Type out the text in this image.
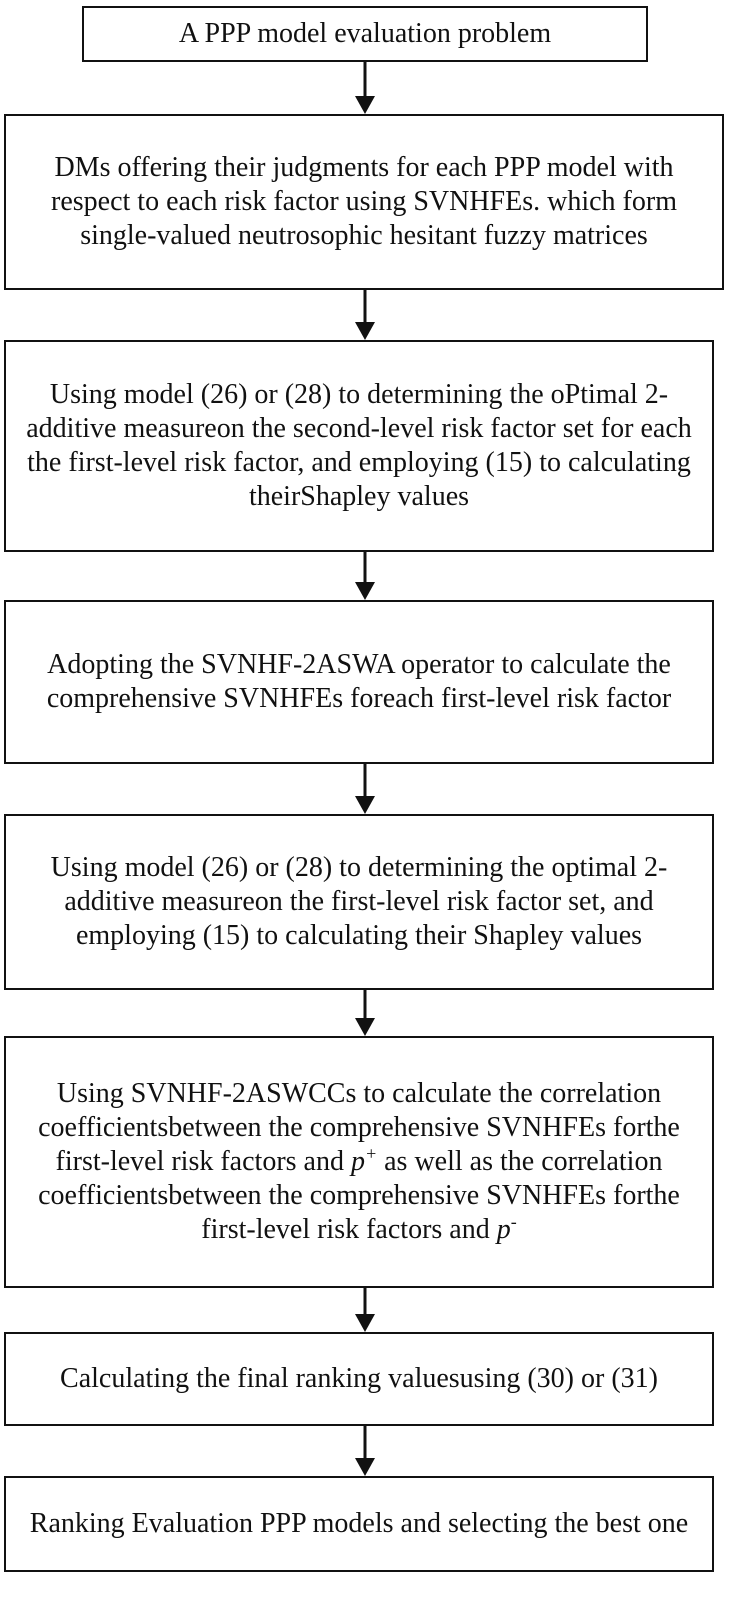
A PPP model evaluation problem
DMs offering their judgments for each PPP model with respect to each risk factor using SVNHFEs. which form single-valued neutrosophic hesitant fuzzy matrices
Using model (26) or (28) to determining the oPtimal 2-additive measureon the second-level risk factor set for each the first-level risk factor, and employing (15) to calculating theirShapley values
Adopting the SVNHF-2ASWA operator to calculate the comprehensive SVNHFEs foreach first-level risk factor
Using model (26) or (28) to determining the optimal 2-additive measureon the first-level risk factor set, and employing (15) to calculating their Shapley values
Using SVNHF-2ASWCCs to calculate the correlation coefficientsbetween the comprehensive SVNHFEs forthe first-level risk factors and p+ as well as the correlation coefficientsbetween the comprehensive SVNHFEs forthe first-level risk factors and p-
Calculating the final ranking valuesusing (30) or (31)
Ranking Evaluation PPP models and selecting the best one
